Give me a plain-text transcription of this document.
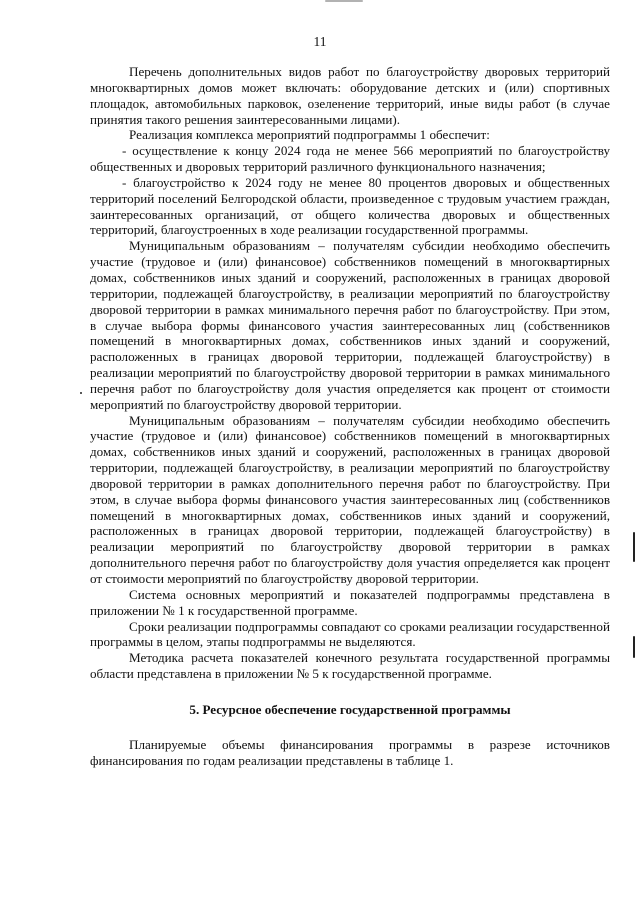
11

Перечень дополнительных видов работ по благоустройству дворовых территорий многоквартирных домов может включать: оборудование детских и (или) спортивных площадок, автомобильных парковок, озеленение территорий, иные виды работ (в случае принятия такого решения заинтересованными лицами).

Реализация комплекса мероприятий подпрограммы 1 обеспечит:

- осуществление к концу 2024 года не менее 566 мероприятий по благоустройству общественных и дворовых территорий различного функционального назначения;

- благоустройство к 2024 году не менее 80 процентов дворовых и общественных территорий поселений Белгородской области, произведенное с трудовым участием граждан, заинтересованных организаций, от общего количества дворовых и общественных территорий, благоустроенных в ходе реализации государственной программы.

Муниципальным образованиям – получателям субсидии необходимо обеспечить участие (трудовое и (или) финансовое) собственников помещений в многоквартирных домах, собственников иных зданий и сооружений, расположенных в границах дворовой территории, подлежащей благоустройству, в реализации мероприятий по благоустройству дворовой территории в рамках минимального перечня работ по благоустройству. При этом, в случае выбора формы финансового участия заинтересованных лиц (собственников помещений в многоквартирных домах, собственников иных зданий и сооружений, расположенных в границах дворовой территории, подлежащей благоустройству) в реализации мероприятий по благоустройству дворовой территории в рамках минимального перечня работ по благоустройству доля участия определяется как процент от стоимости мероприятий по благоустройству дворовой территории.

Муниципальным образованиям – получателям субсидии необходимо обеспечить участие (трудовое и (или) финансовое) собственников помещений в многоквартирных домах, собственников иных зданий и сооружений, расположенных в границах дворовой территории, подлежащей благоустройству, в реализации мероприятий по благоустройству дворовой территории в рамках дополнительного перечня работ по благоустройству. При этом, в случае выбора формы финансового участия заинтересованных лиц (собственников помещений в многоквартирных домах, собственников иных зданий и сооружений, расположенных в границах дворовой территории, подлежащей благоустройству) в реализации мероприятий по благоустройству дворовой территории в рамках дополнительного перечня работ по благоустройству доля участия определяется как процент от стоимости мероприятий по благоустройству дворовой территории.

Система основных мероприятий и показателей подпрограммы представлена в приложении № 1 к государственной программе.

Сроки реализации подпрограммы совпадают со сроками реализации государственной программы в целом, этапы подпрограммы не выделяются.

Методика расчета показателей конечного результата государственной программы области представлена в приложении № 5 к государственной программе.

5. Ресурсное обеспечение государственной программы

Планируемые объемы финансирования программы в разрезе источников финансирования по годам реализации представлены в таблице 1.
